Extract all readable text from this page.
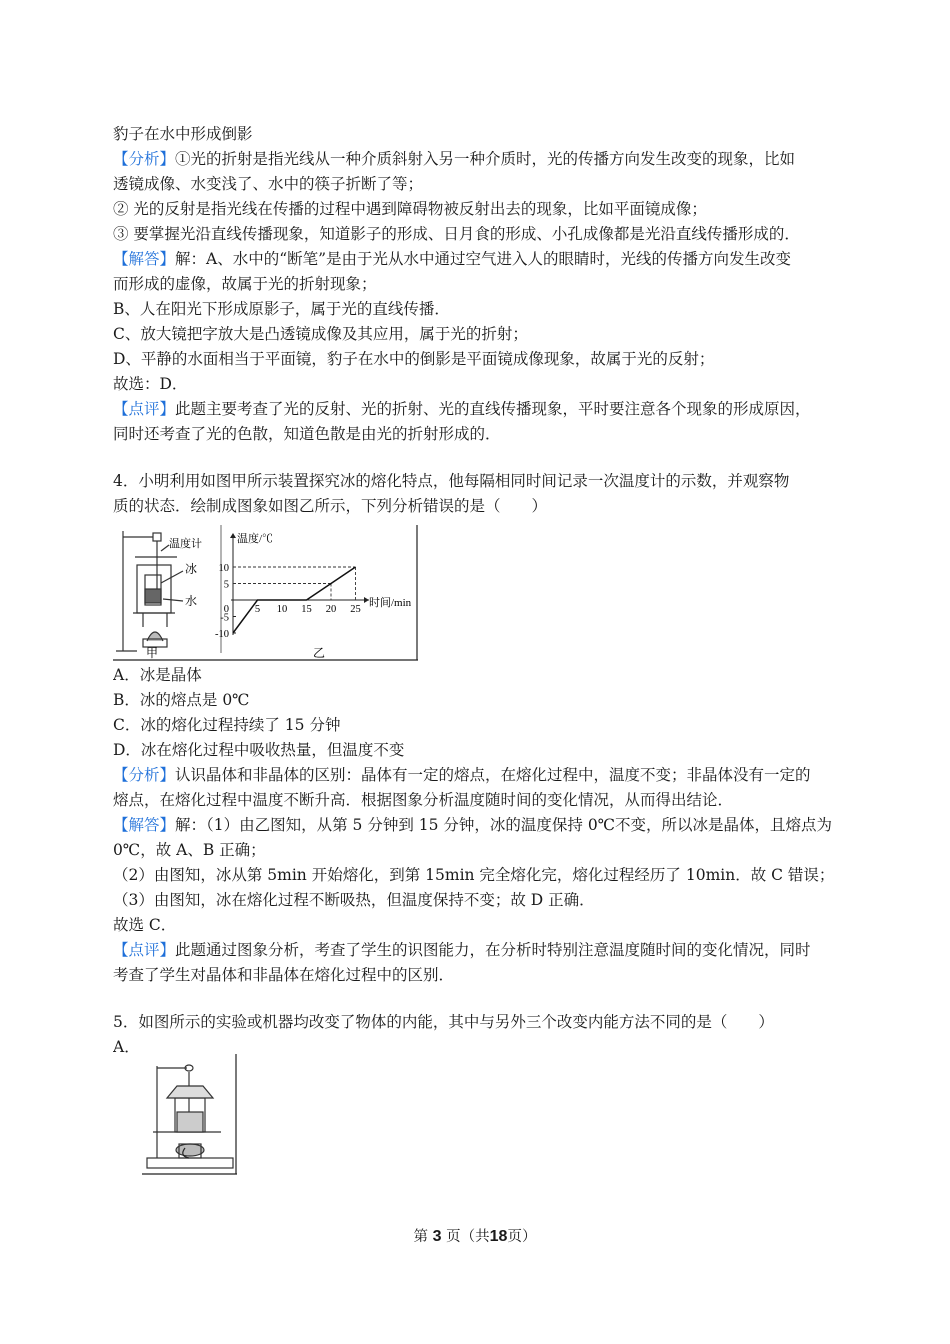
豹子在水中形成倒影
【分析】①光的折射是指光线从一种介质斜射入另一种介质时，光的传播方向发生改变的现象，比如
透镜成像、水变浅了、水中的筷子折断了等；
② 光的反射是指光线在传播的过程中遇到障碍物被反射出去的现象，比如平面镜成像；
③ 要掌握光沿直线传播现象，知道影子的形成、日月食的形成、小孔成像都是光沿直线传播形成的．
【解答】解：A、水中的“断笔”是由于光从水中通过空气进入人的眼睛时，光线的传播方向发生改变
而形成的虚像，故属于光的折射现象；
B、人在阳光下形成原影子，属于光的直线传播．
C、放大镜把字放大是凸透镜成像及其应用，属于光的折射；
D、平静的水面相当于平面镜，豹子在水中的倒影是平面镜成像现象，故属于光的反射；
故选：D．
【点评】此题主要考查了光的反射、光的折射、光的直线传播现象，平时要注意各个现象的形成原因，
同时还考查了光的色散，知道色散是由光的折射形成的．
4．小明利用如图甲所示装置探究冰的熔化特点，他每隔相同时间记录一次温度计的示数，并观察物
质的状态．绘制成图象如图乙所示，下列分析错误的是（　　）
温度计
冰
水
甲
温度/℃
时间/min
乙
5 10 15 20 25
10
5
0
-5
-10
A．冰是晶体
B．冰的熔点是 0℃
C．冰的熔化过程持续了 15 分钟
D．冰在熔化过程中吸收热量，但温度不变
【分析】认识晶体和非晶体的区别：晶体有一定的熔点，在熔化过程中，温度不变；非晶体没有一定的
熔点，在熔化过程中温度不断升高．根据图象分析温度随时间的变化情况，从而得出结论．
【解答】解：（1）由乙图知，从第 5 分钟到 15 分钟，冰的温度保持 0℃不变，所以冰是晶体，且熔点为
0℃，故 A、B 正确；
（2）由图知，冰从第 5min 开始熔化，到第 15min 完全熔化完，熔化过程经历了 10min．故 C 错误；
（3）由图知，冰在熔化过程不断吸热，但温度保持不变；故 D 正确．
故选 C．
【点评】此题通过图象分析，考查了学生的识图能力，在分析时特别注意温度随时间的变化情况，同时
考查了学生对晶体和非晶体在熔化过程中的区别．
5．如图所示的实验或机器均改变了物体的内能，其中与另外三个改变内能方法不同的是（　　）
A．
第 3 页（共18页）
